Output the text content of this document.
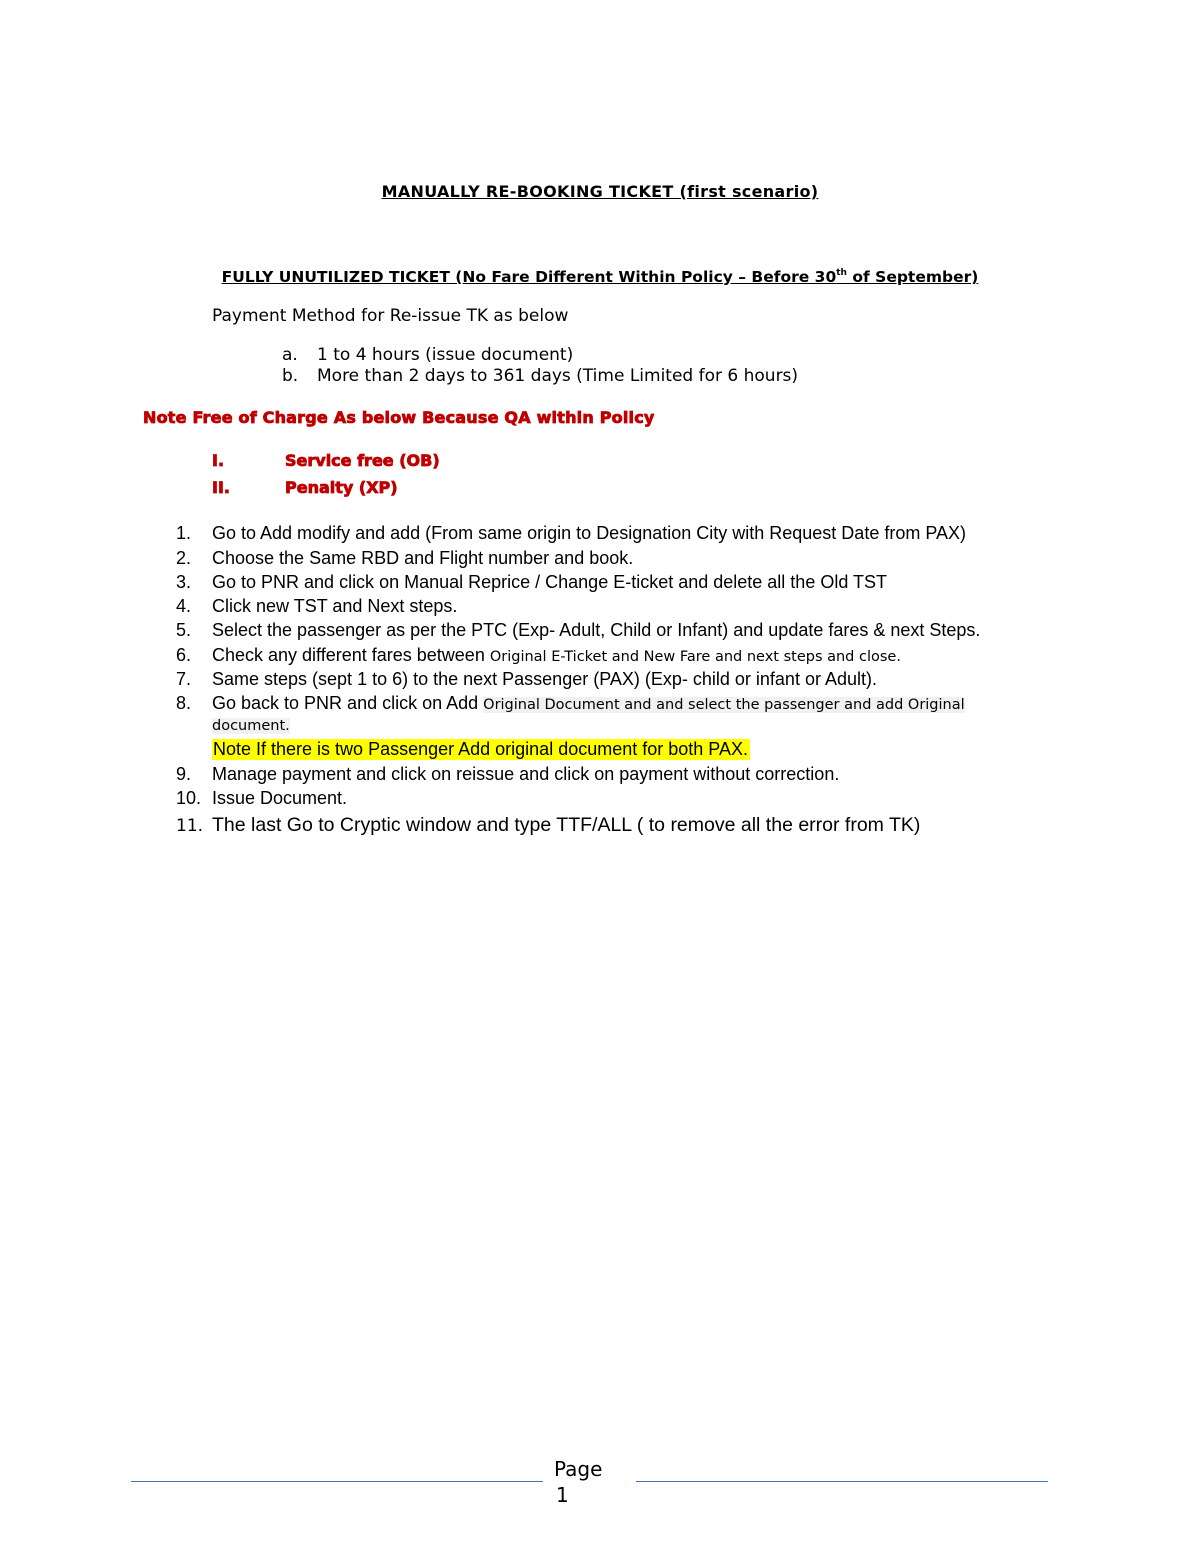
MANUALLY RE-BOOKING TICKET (first scenario)
FULLY UNUTILIZED TICKET (No Fare Different Within Policy – Before 30th of September)
Payment Method for Re-issue TK as below
a. 1 to 4 hours (issue document)
b. More than 2 days to 361 days (Time Limited for 6 hours)
Note Free of Charge As below Because QA within Policy
I.	Service free (OB)
II.	Penalty (XP)
1. Go to Add modify and add (From same origin to Designation City with Request Date from PAX)
2. Choose the Same RBD and Flight number and book.
3. Go to PNR and click on Manual Reprice / Change E-ticket and delete all the Old TST
4. Click new TST and Next steps.
5. Select the passenger as per the PTC (Exp- Adult, Child or Infant) and update fares & next Steps.
6. Check any different fares between Original E-Ticket and New Fare and next steps and close.
7. Same steps (sept 1 to 6) to the next Passenger (PAX) (Exp- child or infant or Adult).
8. Go back to PNR and click on Add Original Document and and select the passenger and add Original
document.
Note If there is two Passenger Add original document for both PAX.
9. Manage payment and click on reissue and click on payment without correction.
10. Issue Document.
11. The last Go to Cryptic window and type TTF/ALL ( to remove all the error from TK)
Page
1
